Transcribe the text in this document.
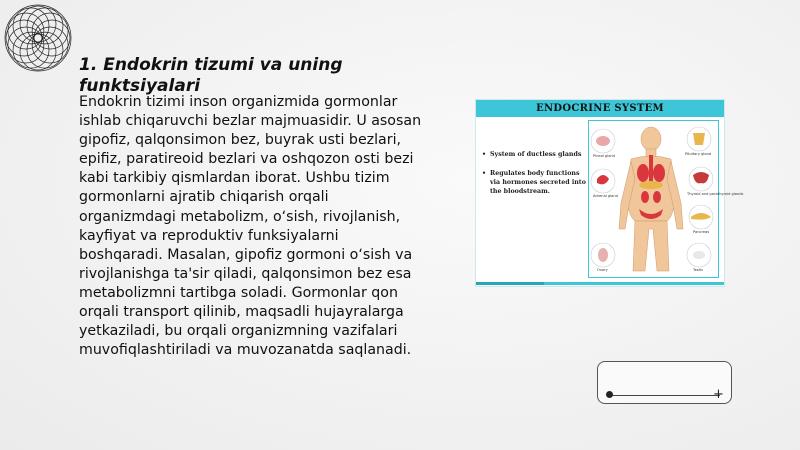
1. Endokrin tizumi va uning funktsiyalari
Endokrin tizimi inson organizmida gormonlar ishlab chiqaruvchi bezlar majmuasidir. U asosan gipofiz, qalqonsimon bez, buyrak usti bezlari, epifiz, paratireoid bezlari va oshqozon osti bezi kabi tarkibiy qismlardan iborat. Ushbu tizim gormonlarni ajratib chiqarish orqali organizmdagi metabolizm, o‘sish, rivojlanish, kayfiyat va reproduktiv funksiyalarni boshqaradi. Masalan, gipofiz gormoni o‘sish va rivojlanishga ta'sir qiladi, qalqonsimon bez esa metabolizmni tartibga soladi. Gormonlar qon orqali transport qilinib, maqsadli hujayralarga yetkaziladi, bu orqali organizmning vazifalari muvofiqlashtiriladi va muvozanatda saqlanadi.
ENDOCRINE SYSTEM
• System of ductless glands
• Regulates body functions via hormones secreted into the bloodstream.
Pineal gland	Pituitary gland
Thyroid and parathyroid glands
Adrenal gland
Pancreas
Ovary	Testis
+
